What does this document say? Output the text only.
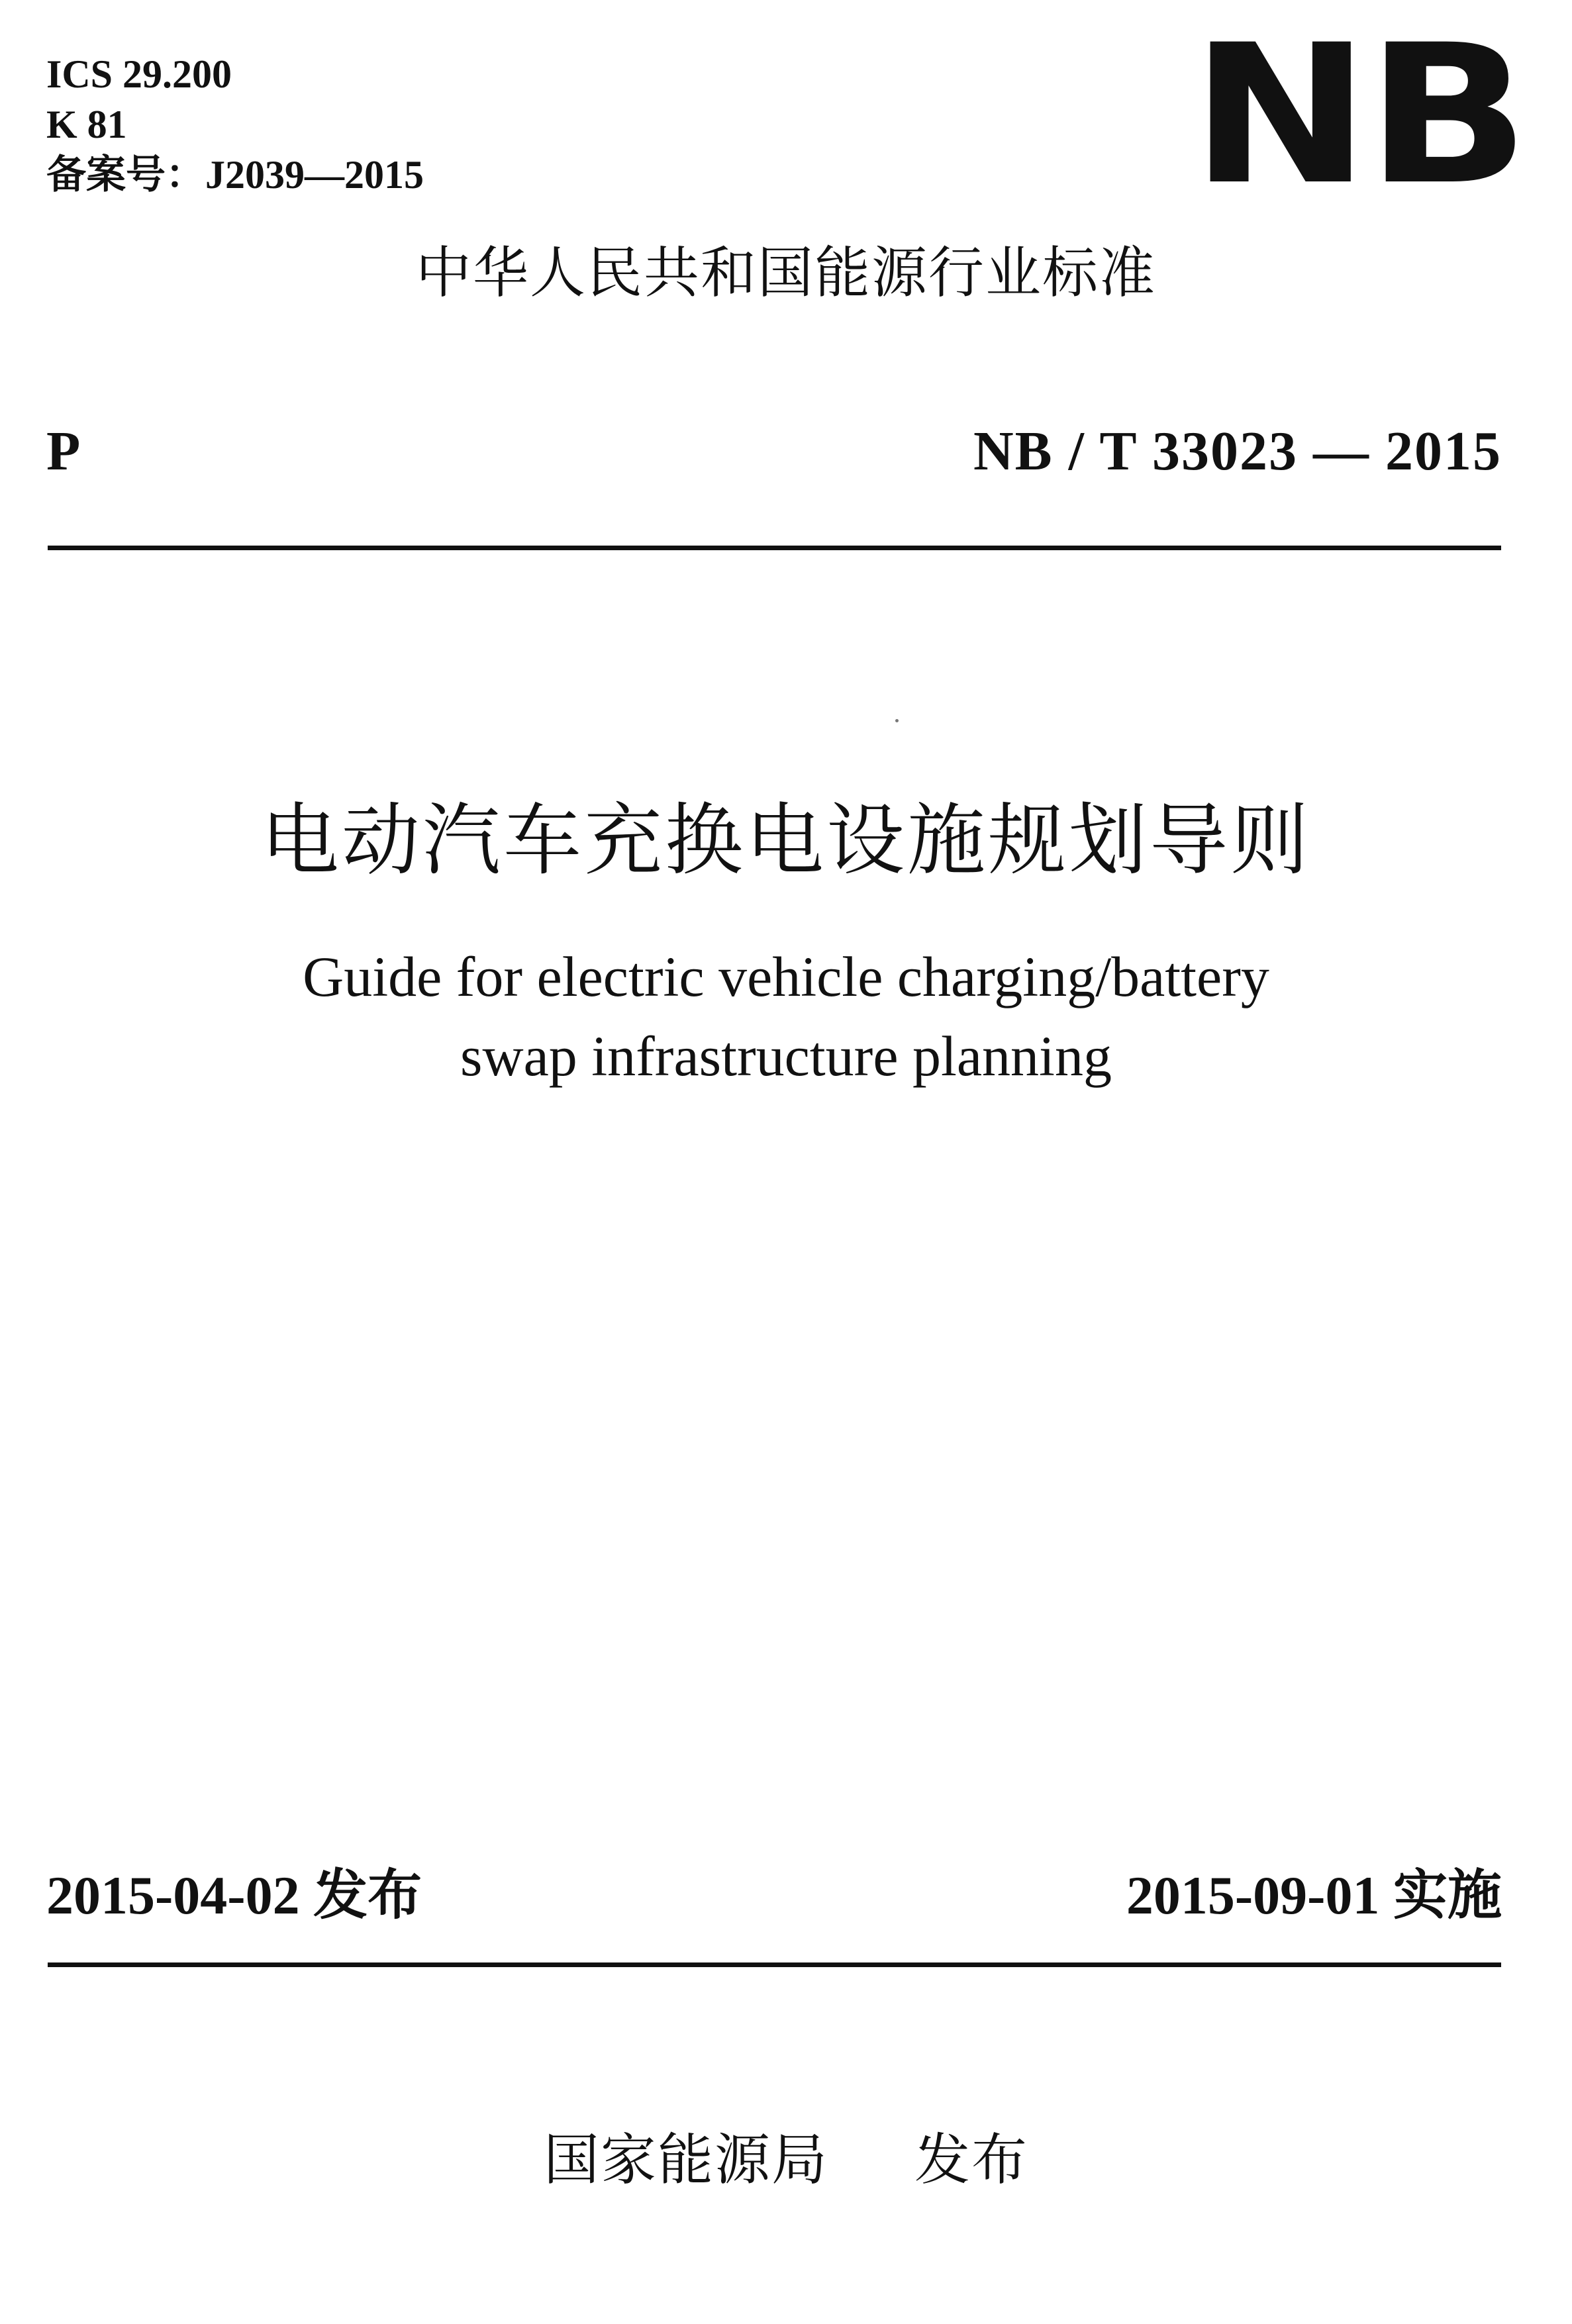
ICS 29.200
K 81
备案号：J2039—2015	NB
中华人民共和国能源行业标准
P	NB / T 33023 — 2015
电动汽车充换电设施规划导则
Guide for electric vehicle charging/battery
swap infrastructure planning
2015-04-02 发布	2015-09-01 实施
国家能源局 发布
